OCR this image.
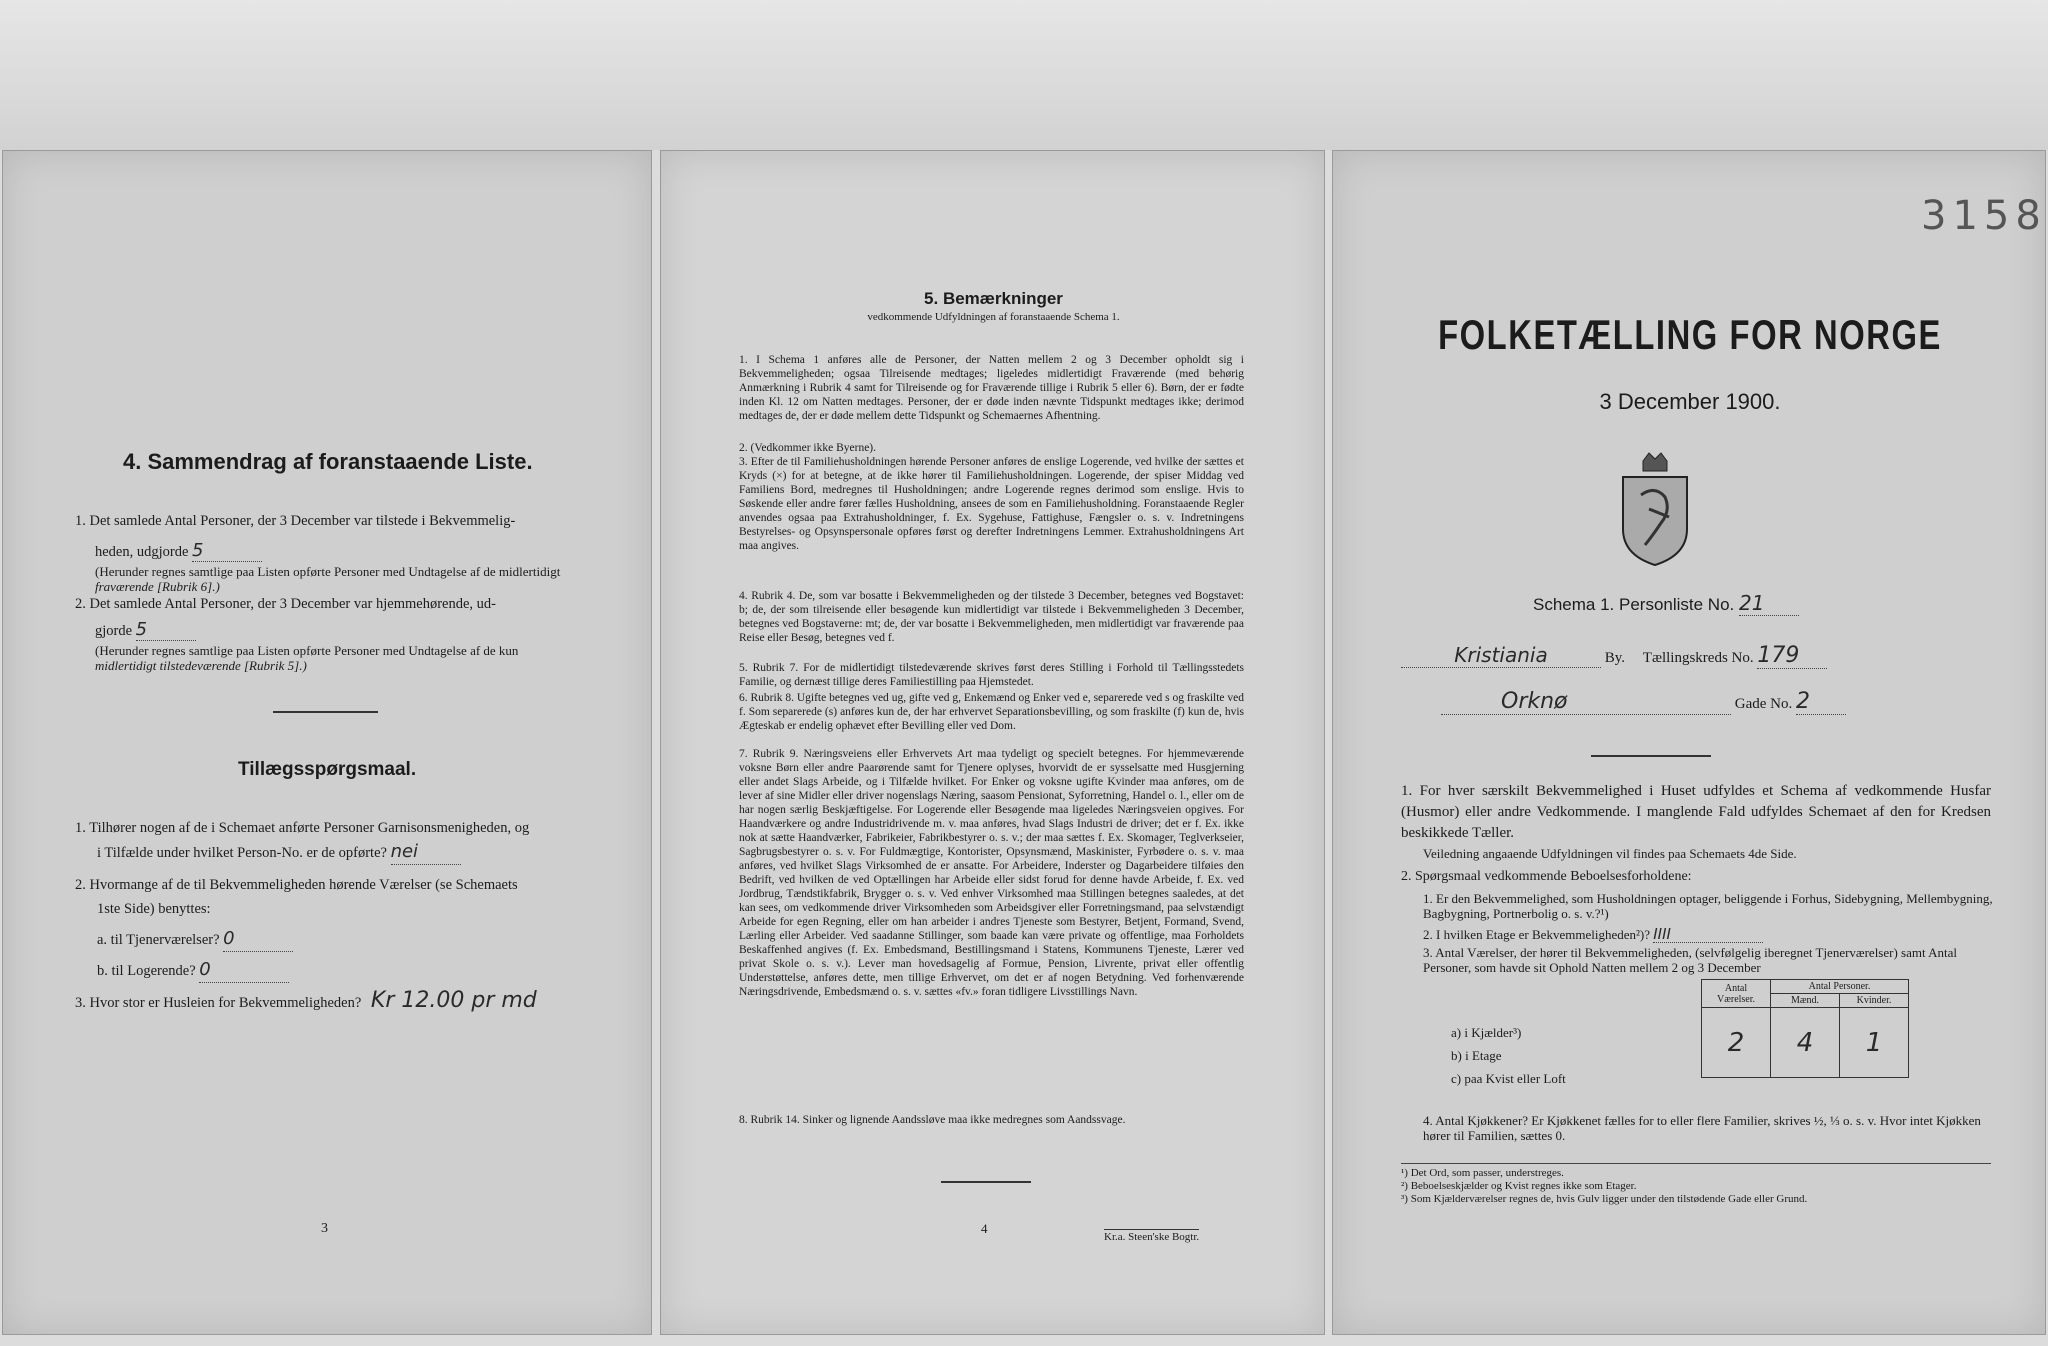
4. Sammendrag af foranstaaende Liste.
1. Det samlede Antal Personer, der 3 December var tilstede i Bekvemmelig-
heden, udgjorde 5
(Herunder regnes samtlige paa Listen opførte Personer med Undtagelse af de midlertidigt
fraværende [Rubrik 6].)
2. Det samlede Antal Personer, der 3 December var hjemmehørende, ud-
gjorde 5
(Herunder regnes samtlige paa Listen opførte Personer med Undtagelse af de kun
midlertidigt tilstedeværende [Rubrik 5].)
Tillægsspørgsmaal.
1. Tilhører nogen af de i Schemaet anførte Personer Garnisonsmenigheden, og
i Tilfælde under hvilket Person-No. er de opførte? nei
2. Hvormange af de til Bekvemmeligheden hørende Værelser (se Schemaets
1ste Side) benyttes:
a. til Tjenerværelser? 0
b. til Logerende? 0
3. Hvor stor er Husleien for Bekvemmeligheden? Kr 12.00 pr md
3
5. Bemærkninger
vedkommende Udfyldningen af foranstaaende Schema 1.
1. I Schema 1 anføres alle de Personer, der Natten mellem 2 og 3 December opholdt sig i Bekvemmeligheden; ogsaa Tilreisende medtages; ligeledes midlertidigt Fraværende (med behørig Anmærkning i Rubrik 4 samt for Tilreisende og for Fraværende tillige i Rubrik 5 eller 6). Børn, der er fødte inden Kl. 12 om Natten medtages. Personer, der er døde inden nævnte Tidspunkt medtages ikke; derimod medtages de, der er døde mellem dette Tidspunkt og Schemaernes Afhentning.
2. (Vedkommer ikke Byerne).
3. Efter de til Familiehusholdningen hørende Personer anføres de enslige Logerende, ved hvilke der sættes et Kryds (×) for at betegne, at de ikke hører til Familiehusholdningen. Logerende, der spiser Middag ved Familiens Bord, medregnes til Husholdningen; andre Logerende regnes derimod som enslige. Hvis to Søskende eller andre fører fælles Husholdning, ansees de som en Familiehusholdning. Foranstaaende Regler anvendes ogsaa paa Extrahusholdninger, f. Ex. Sygehuse, Fattighuse, Fængsler o. s. v. Indretningens Bestyrelses- og Opsynspersonale opføres først og derefter Indretningens Lemmer. Extrahusholdningens Art maa angives.
4. Rubrik 4. De, som var bosatte i Bekvemmeligheden og der tilstede 3 December, betegnes ved Bogstavet: b; de, der som tilreisende eller besøgende kun midlertidigt var tilstede i Bekvemmeligheden 3 December, betegnes ved Bogstaverne: mt; de, der var bosatte i Bekvemmeligheden, men midlertidigt var fraværende paa Reise eller Besøg, betegnes ved f.
5. Rubrik 7. For de midlertidigt tilstedeværende skrives først deres Stilling i Forhold til Tællingsstedets Familie, og dernæst tillige deres Familiestilling paa Hjemstedet.
6. Rubrik 8. Ugifte betegnes ved ug, gifte ved g, Enkemænd og Enker ved e, separerede ved s og fraskilte ved f. Som separerede (s) anføres kun de, der har erhvervet Separationsbevilling, og som fraskilte (f) kun de, hvis Ægteskab er endelig ophævet efter Bevilling eller ved Dom.
7. Rubrik 9. Næringsveiens eller Erhvervets Art maa tydeligt og specielt betegnes. For hjemmeværende voksne Børn eller andre Paarørende samt for Tjenere oplyses, hvorvidt de er sysselsatte med Husgjerning eller andet Slags Arbeide, og i Tilfælde hvilket. For Enker og voksne ugifte Kvinder maa anføres, om de lever af sine Midler eller driver nogenslags Næring, saasom Pensionat, Syforretning, Handel o. l., eller om de har nogen særlig Beskjæftigelse. For Logerende eller Besøgende maa ligeledes Næringsveien opgives. For Haandværkere og andre Industridrivende m. v. maa anføres, hvad Slags Industri de driver; det er f. Ex. ikke nok at sætte Haandværker, Fabrikeier, Fabrikbestyrer o. s. v.; der maa sættes f. Ex. Skomager, Teglverkseier, Sagbrugsbestyrer o. s. v. For Fuldmægtige, Kontorister, Opsynsmænd, Maskinister, Fyrbødere o. s. v. maa anføres, ved hvilket Slags Virksomhed de er ansatte. For Arbeidere, Inderster og Dagarbeidere tilføies den Bedrift, ved hvilken de ved Optællingen har Arbeide eller sidst forud for denne havde Arbeide, f. Ex. ved Jordbrug, Tændstikfabrik, Brygger o. s. v. Ved enhver Virksomhed maa Stillingen betegnes saaledes, at det kan sees, om vedkommende driver Virksomheden som Arbeidsgiver eller Forretningsmand, paa selvstændigt Arbeide for egen Regning, eller om han arbeider i andres Tjeneste som Bestyrer, Betjent, Formand, Svend, Lærling eller Arbeider. Ved saadanne Stillinger, som baade kan være private og offentlige, maa Forholdets Beskaffenhed angives (f. Ex. Embedsmand, Bestillingsmand i Statens, Kommunens Tjeneste, Lærer ved privat Skole o. s. v.). Lever man hovedsagelig af Formue, Pension, Livrente, privat eller offentlig Understøttelse, anføres dette, men tillige Erhvervet, om det er af nogen Betydning. Ved forhenværende Næringsdrivende, Embedsmænd o. s. v. sættes «fv.» foran tidligere Livsstillings Navn.
8. Rubrik 14. Sinker og lignende Aandssløve maa ikke medregnes som Aandssvage.
4
Kr.a. Steen'ske Bogtr.
3158
FOLKETÆLLING FOR NORGE
3 December 1900.
Schema 1. Personliste No. 21
Kristiania	By. Tællingskreds No. 179
Orknø	Gade No. 2
1. For hver særskilt Bekvemmelighed i Huset udfyldes et Schema af vedkommende Husfar (Husmor) eller andre Vedkommende. I manglende Fald udfyldes Schemaet af den for Kredsen beskikkede Tæller.
Veiledning angaaende Udfyldningen vil findes paa Schemaets 4de Side.
2. Spørgsmaal vedkommende Beboelsesforholdene:
1. Er den Bekvemmelighed, som Husholdningen optager, beliggende i Forhus, Sidebygning, Mellembygning, Bagbygning, Portnerbolig o. s. v.?¹)
2. I hvilken Etage er Bekvemmeligheden²)? IIII
3. Antal Værelser, der hører til Bekvemmeligheden, (selvfølgelig iberegnet Tjenerværelser) samt Antal Personer, som havde sit Ophold Natten mellem 2 og 3 December
a) i Kjælder³)
b) i Etage
c) paa Kvist eller Loft
Antal Værelser.	Antal Personer.	
	Mænd.	Kvinder.
2	4	1
4. Antal Kjøkkener? Er Kjøkkenet fælles for to eller flere Familier, skrives ½, ⅓ o. s. v. Hvor intet Kjøkken hører til Familien, sættes 0.
¹) Det Ord, som passer, understreges.
²) Beboelseskjælder og Kvist regnes ikke som Etager.
³) Som Kjælderværelser regnes de, hvis Gulv ligger under den tilstødende Gade eller Grund.
